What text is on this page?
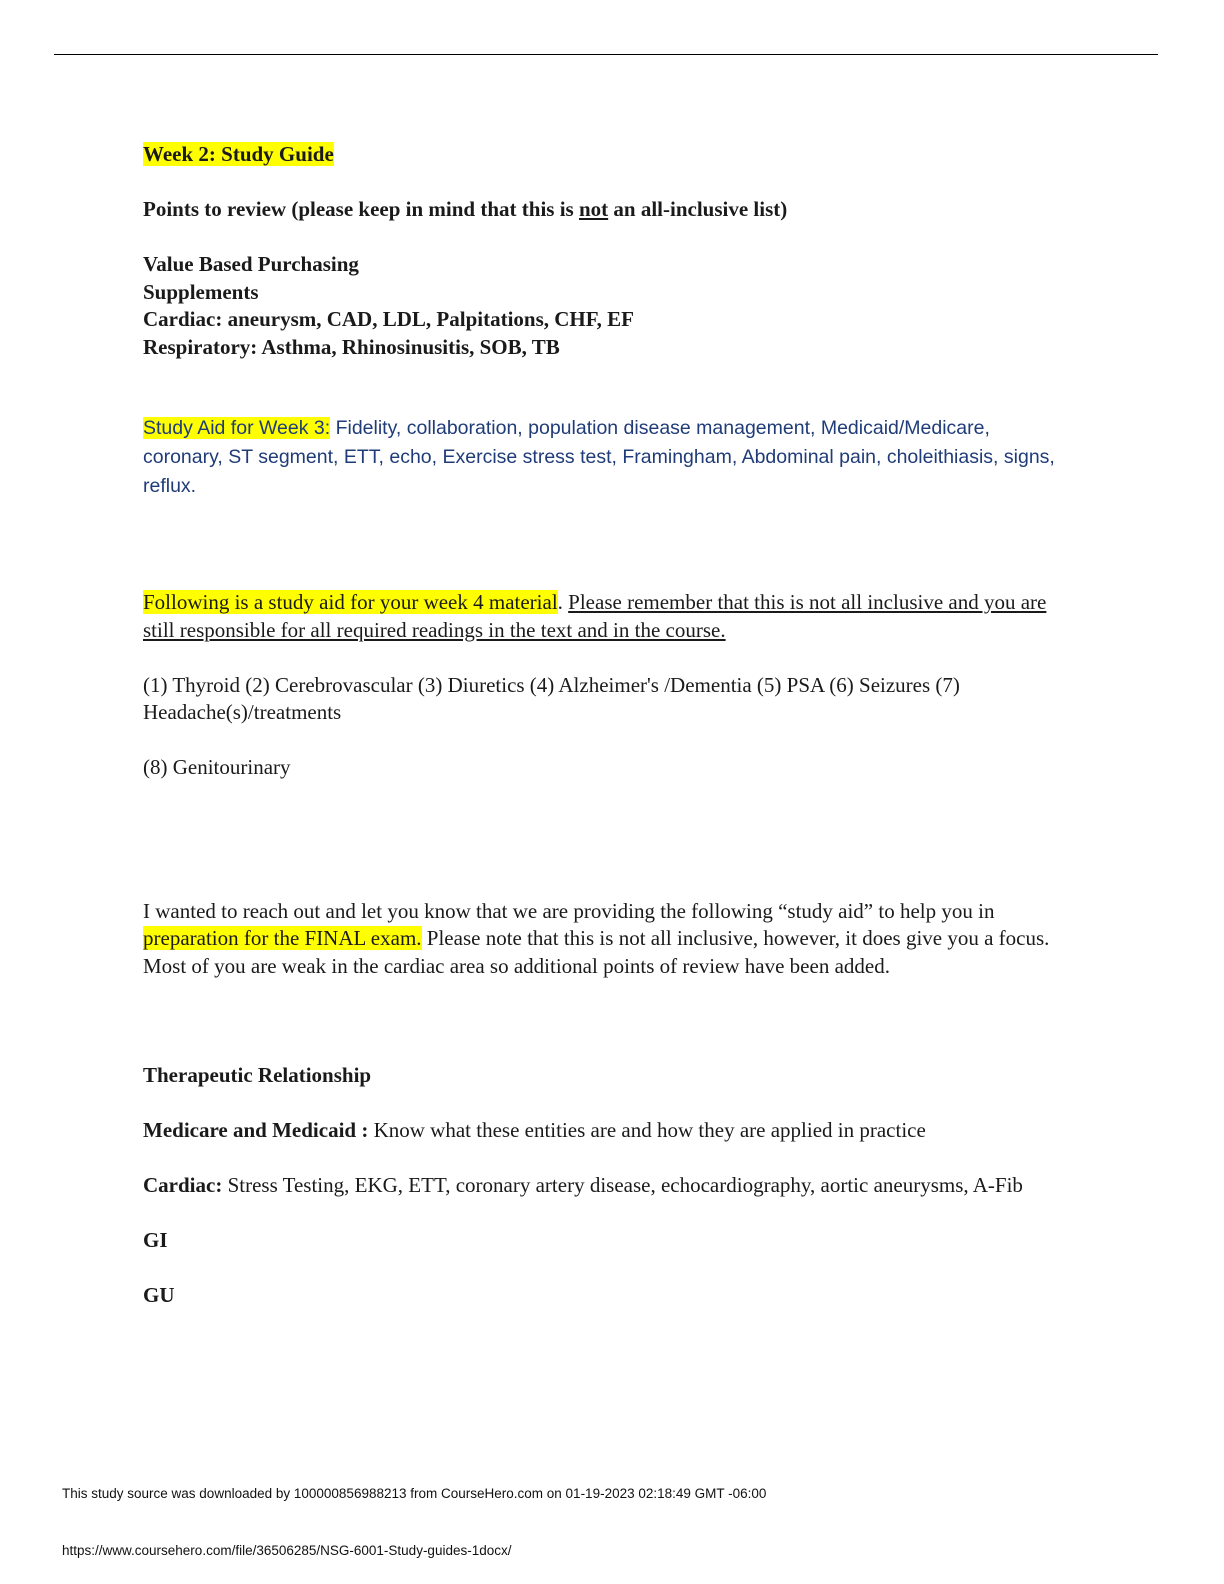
Week 2: Study Guide

Points to review (please keep in mind that this is not an all-inclusive list)

Value Based Purchasing

Supplements

Cardiac: aneurysm, CAD, LDL, Palpitations, CHF, EF

Respiratory: Asthma, Rhinosinusitis, SOB, TB

Study Aid for Week 3: Fidelity, collaboration, population disease management, Medicaid/Medicare, coronary, ST segment, ETT, echo, Exercise stress test, Framingham, Abdominal pain, choleithiasis, signs, reflux.

Following is a study aid for your week 4 material. Please remember that this is not all inclusive and you are still responsible for all required readings in the text and in the course.

(1) Thyroid (2) Cerebrovascular (3) Diuretics (4) Alzheimer's /Dementia (5) PSA (6) Seizures (7) Headache(s)/treatments

(8) Genitourinary

I wanted to reach out and let you know that we are providing the following “study aid” to help you in preparation for the FINAL exam. Please note that this is not all inclusive, however, it does give you a focus. Most of you are weak in the cardiac area so additional points of review have been added.

Therapeutic Relationship

Medicare and Medicaid : Know what these entities are and how they are applied in practice

Cardiac: Stress Testing, EKG, ETT, coronary artery disease, echocardiography, aortic aneurysms, A-Fib

GI

GU

This study source was downloaded by 100000856988213 from CourseHero.com on 01-19-2023 02:18:49 GMT -06:00
https://www.coursehero.com/file/36506285/NSG-6001-Study-guides-1docx/
